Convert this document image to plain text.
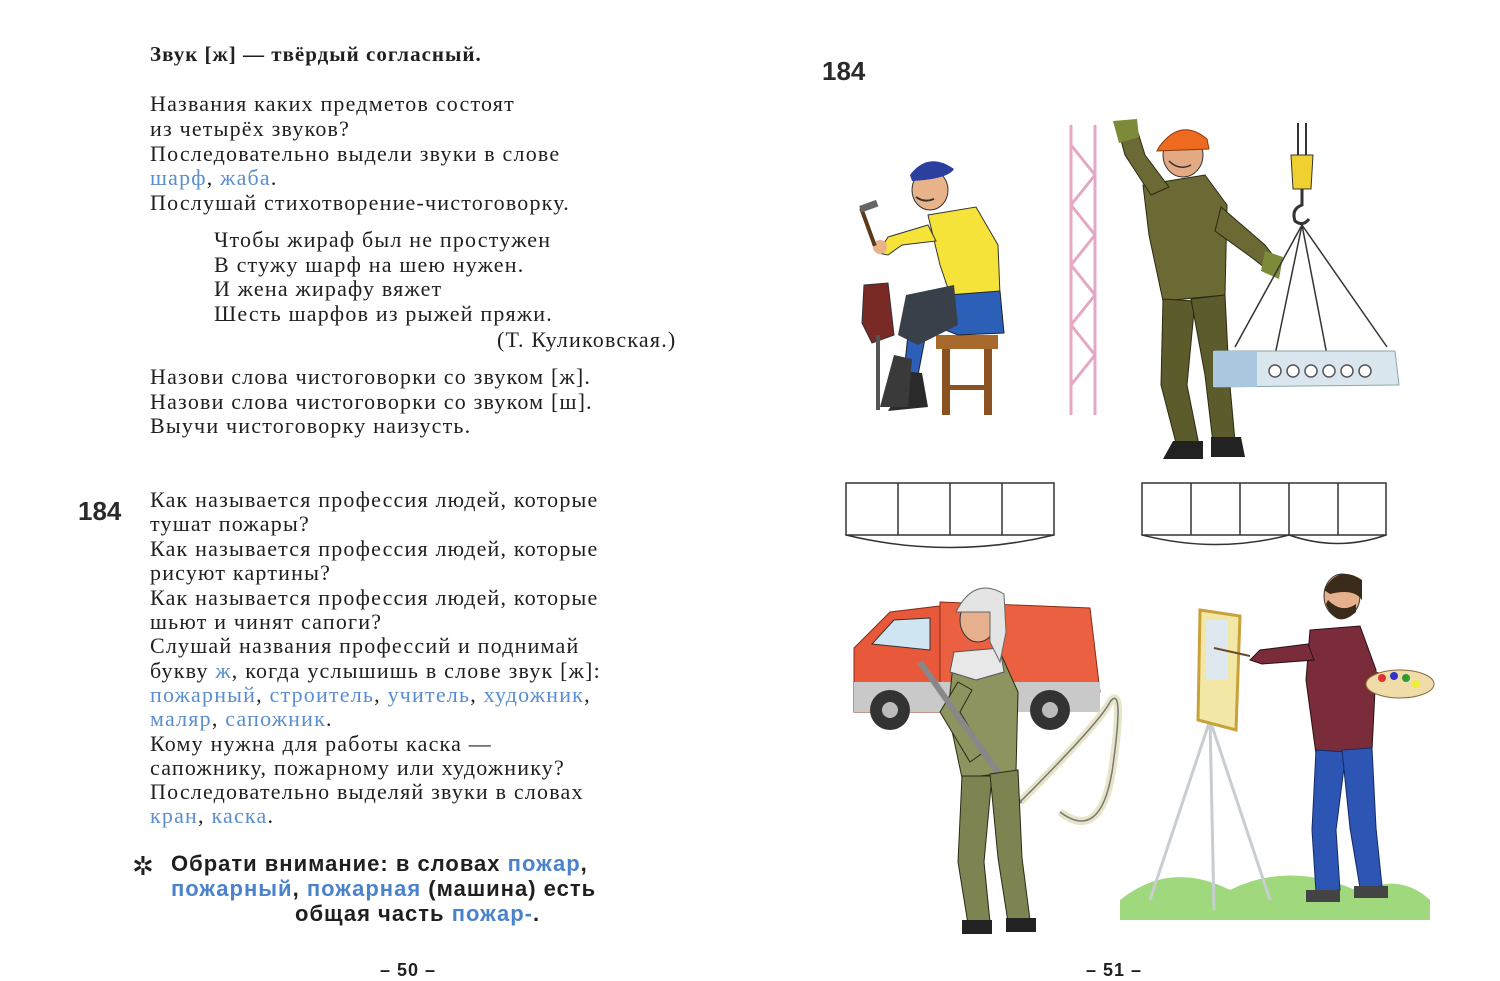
Звук [ж] — твёрдый согласный.
Названия каких предметов состоят
из четырёх звуков?
Последовательно выдели звуки в слове
шарф, жаба.
Послушай стихотворение-чистоговорку.
Чтобы жираф был не простужен
В стужу шарф на шею нужен.
И жена жирафу вяжет
Шесть шарфов из рыжей пряжи.
(Т. Куликовская.)
Назови слова чистоговорки со звуком [ж].
Назови слова чистоговорки со звуком [ш].
Выучи чистоговорку наизусть.
184 Как называется профессия людей, которые
тушат пожары?
Как называется профессия людей, которые
рисуют картины?
Как называется профессия людей, которые
шьют и чинят сапоги?
Слушай названия профессий и поднимай
букву ж, когда услышишь в слове звук [ж]:
пожарный, строитель, учитель, художник,
маляр, сапожник.
Кому нужна для работы каска —
сапожнику, пожарному или художнику?
Последовательно выделяй звуки в словах
кран, каска.
✲ Обрати внимание: в словах пожар,
пожарный, пожарная (машина) есть
общая часть пожар-.
– 50 –
184
– 51 –
